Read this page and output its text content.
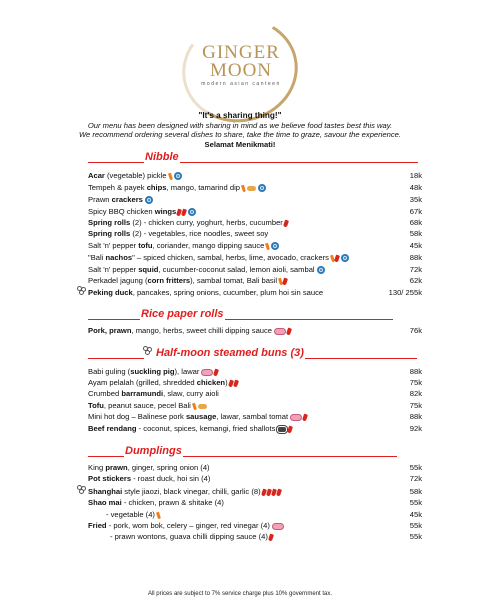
GINGER
MOON
modern asian canteen
"It's a sharing thing!"
Our menu has been designed with sharing in mind as we believe food tastes best this way.
We recommend ordering several dishes to share, take the time to graze, savour the experience.
Selamat Menikmati!
Nibble
Acar (vegetable) pickle	18k
Tempeh & payek chips, mango, tamarind dip	48k
Prawn crackers	35k
Spicy BBQ chicken wings	67k
Spring rolls (2) - chicken curry, yoghurt, herbs, cucumber	68k
Spring rolls (2) - vegetables, rice noodles, sweet soy	58k
Salt 'n' pepper tofu, coriander, mango dipping sauce	45k
"Bali nachos" – spiced chicken, sambal, herbs, lime, avocado, crackers	88k
Salt 'n' pepper squid, cucumber-coconut salad, lemon aioli, sambal	72k
Perkadel jagung (corn fritters), sambal tomat, Bali basil	62k
Peking duck, pancakes, spring onions, cucumber, plum hoi sin sauce	130/ 255k
Rice paper rolls
Pork, prawn, mango, herbs, sweet chilli dipping sauce	76k
Half-moon steamed buns (3)
Babi guling (suckling pig), lawar	88k
Ayam pelalah (grilled, shredded chicken)	75k
Crumbed barramundi, slaw, curry aioli	82k
Tofu, peanut sauce, pecel Bali	75k
Mini hot dog – Balinese pork sausage, lawar, sambal tomat	88k
Beef rendang - coconut, spices, kemangi, fried shallots	92k
Dumplings
King prawn, ginger, spring onion (4)	55k
Pot stickers - roast duck, hoi sin (4)	72k
Shanghai style jiaozi, black vinegar, chilli, garlic (8)	58k
Shao mai - chicken, prawn & shitake (4)	55k
- vegetable (4)	45k
Fried - pork, wom bok, celery – ginger, red vinegar (4)	55k
- prawn wontons, guava chilli dipping sauce (4)	55k
All prices are subject to 7% service charge plus 10% government tax.
